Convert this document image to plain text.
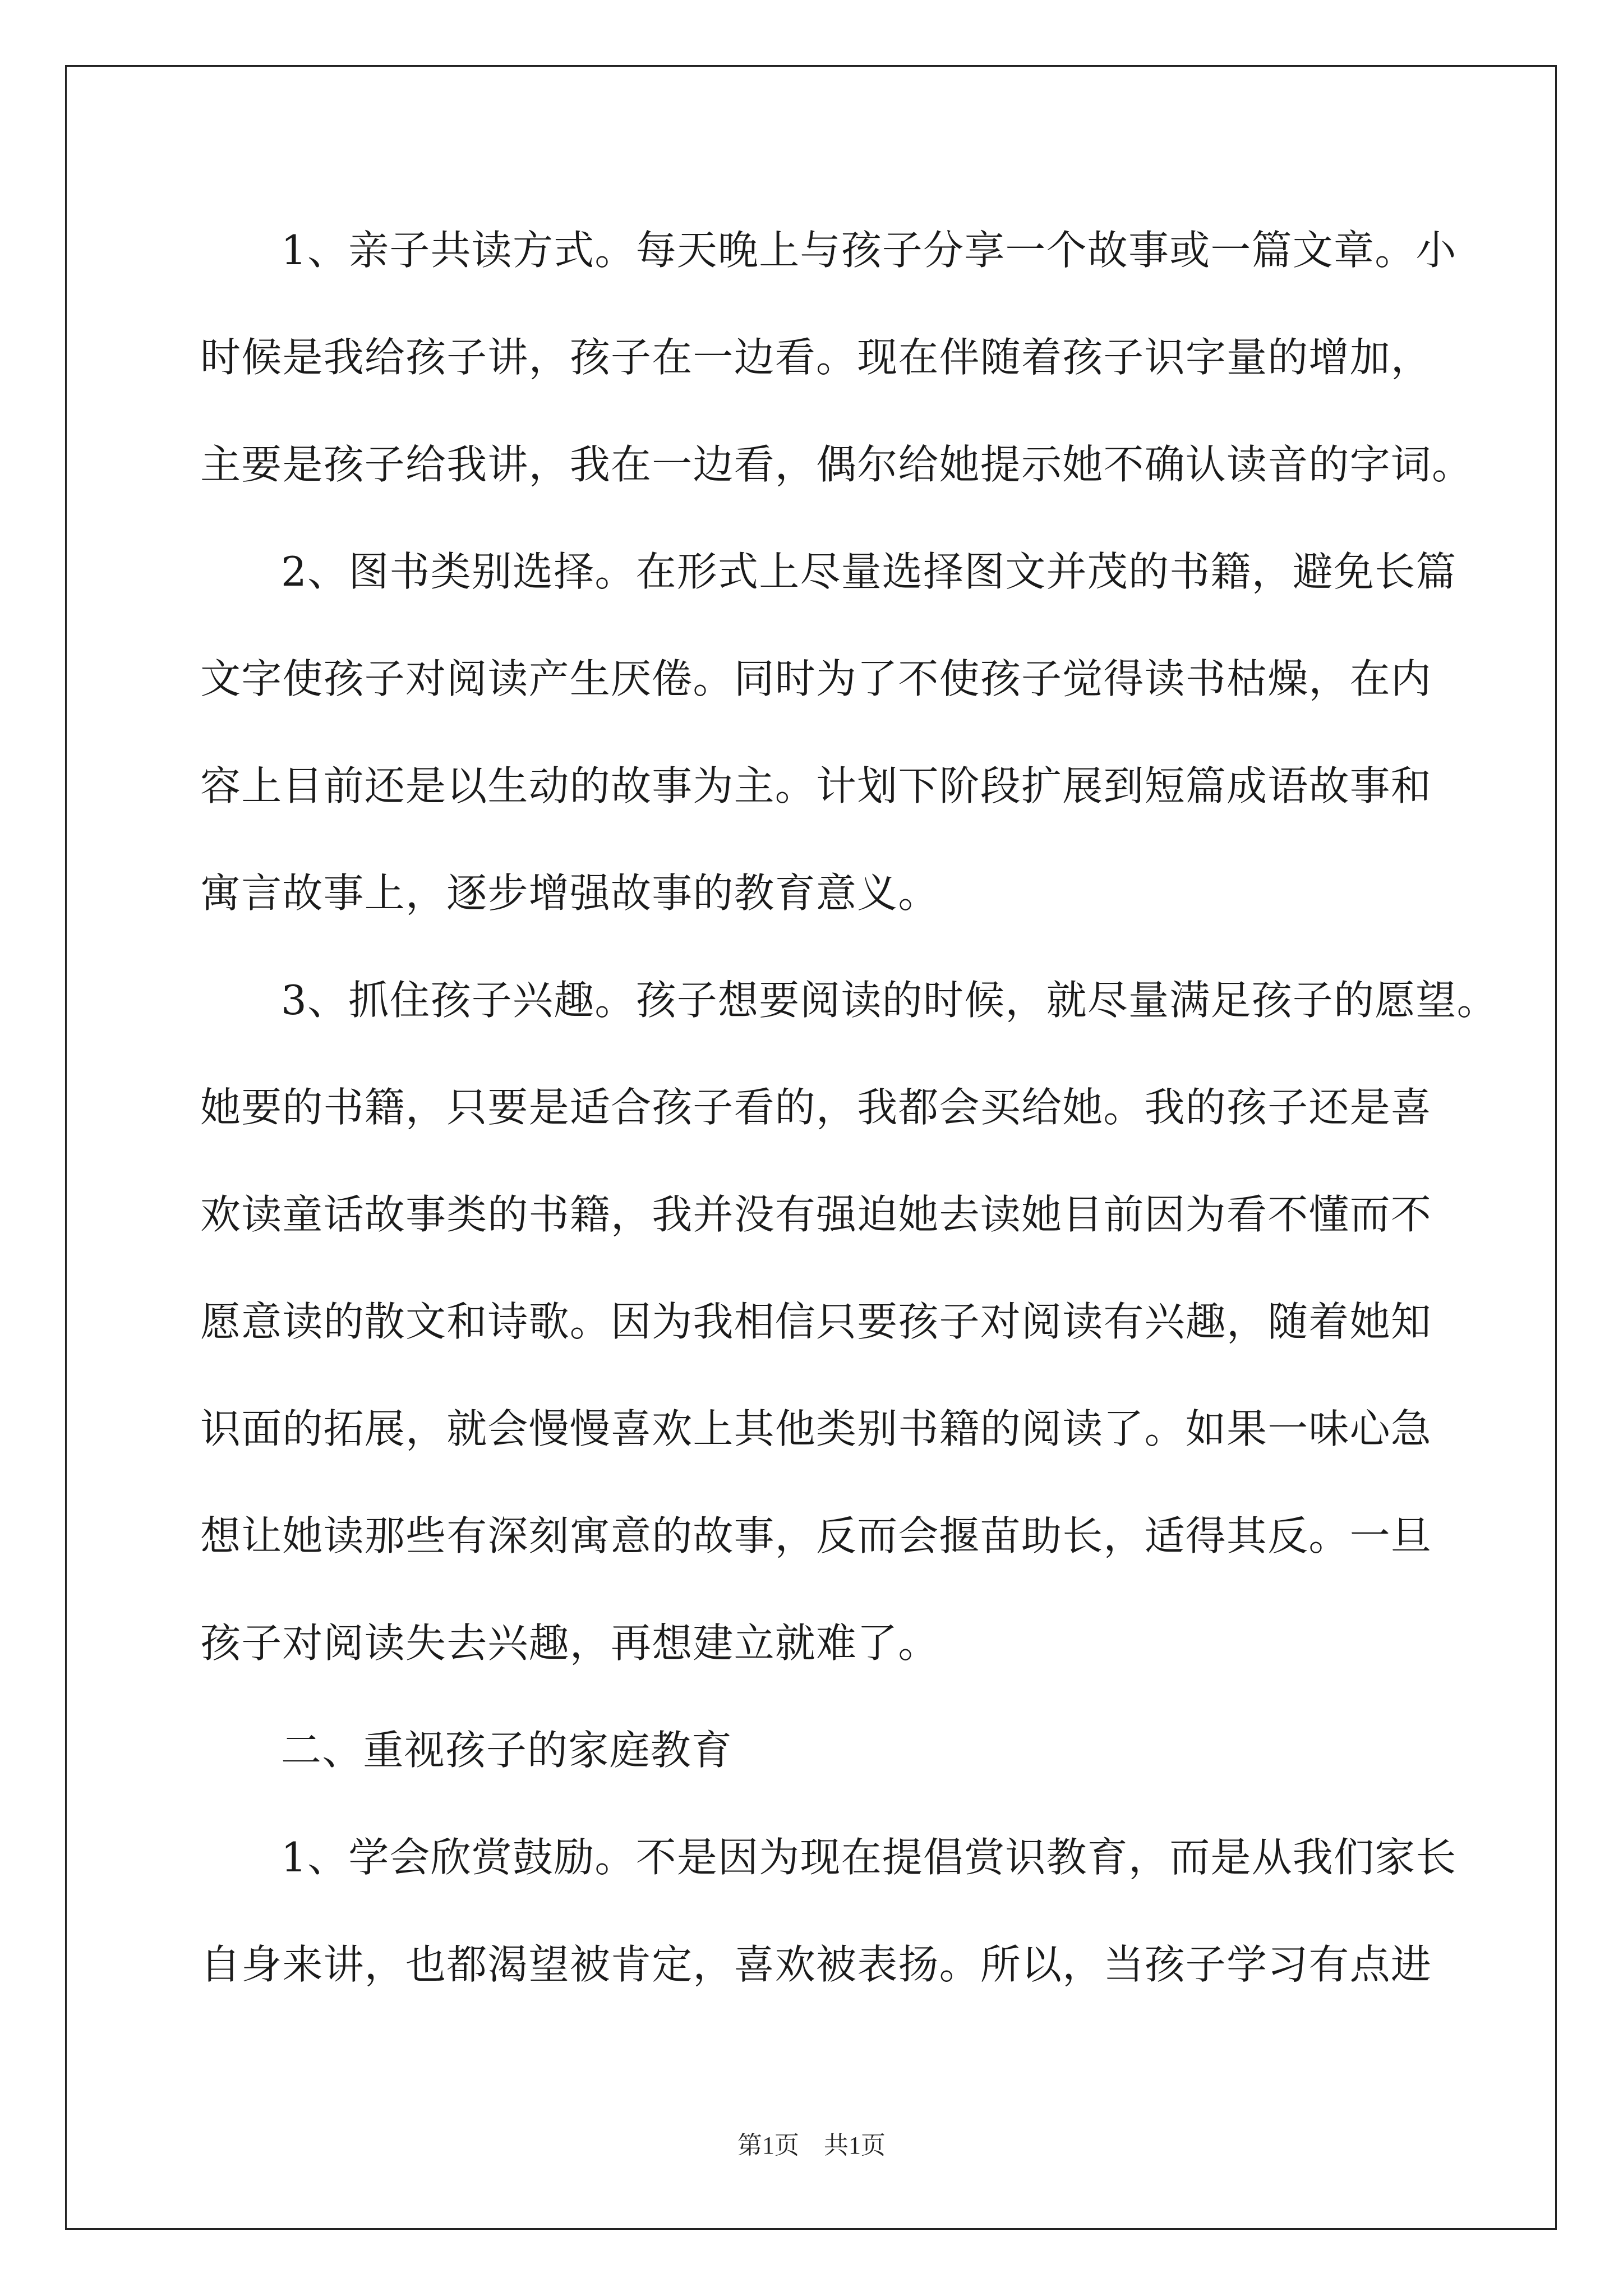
1、亲子共读方式。每天晚上与孩子分享一个故事或一篇文章。小
时候是我给孩子讲，孩子在一边看。现在伴随着孩子识字量的增加，
主要是孩子给我讲，我在一边看，偶尔给她提示她不确认读音的字词。
2、图书类别选择。在形式上尽量选择图文并茂的书籍，避免长篇
文字使孩子对阅读产生厌倦。同时为了不使孩子觉得读书枯燥，在内
容上目前还是以生动的故事为主。计划下阶段扩展到短篇成语故事和
寓言故事上，逐步增强故事的教育意义。
3、抓住孩子兴趣。孩子想要阅读的时候，就尽量满足孩子的愿望。
她要的书籍，只要是适合孩子看的，我都会买给她。我的孩子还是喜
欢读童话故事类的书籍，我并没有强迫她去读她目前因为看不懂而不
愿意读的散文和诗歌。因为我相信只要孩子对阅读有兴趣，随着她知
识面的拓展，就会慢慢喜欢上其他类别书籍的阅读了。如果一味心急
想让她读那些有深刻寓意的故事，反而会揠苗助长，适得其反。一旦
孩子对阅读失去兴趣，再想建立就难了。
二、重视孩子的家庭教育
1、学会欣赏鼓励。不是因为现在提倡赏识教育，而是从我们家长
自身来讲，也都渴望被肯定，喜欢被表扬。所以，当孩子学习有点进
第1页　共1页
